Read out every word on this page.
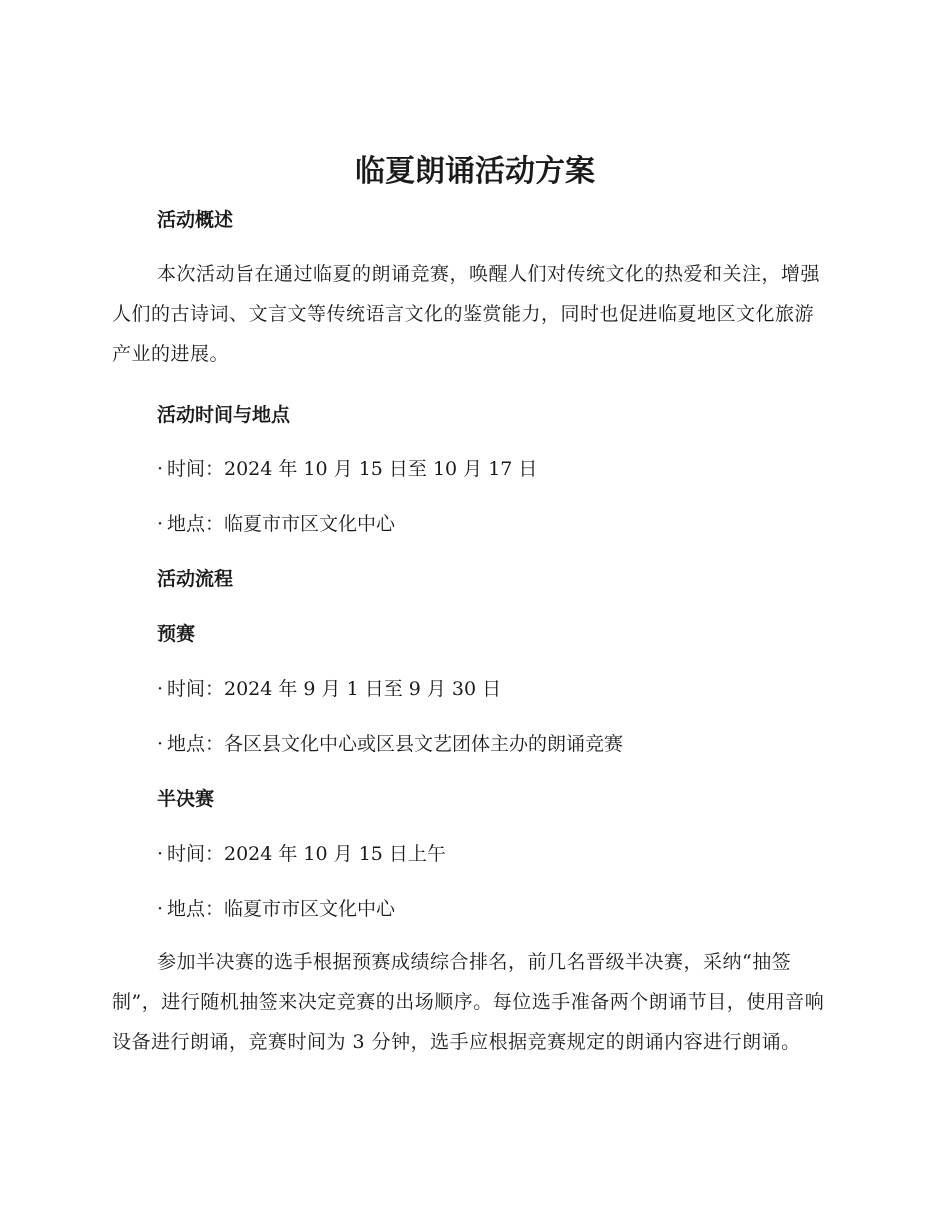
临夏朗诵活动方案
活动概述

本次活动旨在通过临夏的朗诵竞赛，唤醒人们对传统文化的热爱和关注，增强人们的古诗词、文言文等传统语言文化的鉴赏能力，同时也促进临夏地区文化旅游产业的进展。

活动时间与地点
· 时间：2024 年 10 月 15 日至 10 月 17 日
· 地点：临夏市市区文化中心
活动流程
预赛
· 时间：2024 年 9 月 1 日至 9 月 30 日
· 地点：各区县文化中心或区县文艺团体主办的朗诵竞赛
半决赛
· 时间：2024 年 10 月 15 日上午
· 地点：临夏市市区文化中心

参加半决赛的选手根据预赛成绩综合排名，前几名晋级半决赛，采纳“抽签制”，进行随机抽签来决定竞赛的出场顺序。每位选手准备两个朗诵节目，使用音响设备进行朗诵，竞赛时间为 3 分钟，选手应根据竞赛规定的朗诵内容进行朗诵。
